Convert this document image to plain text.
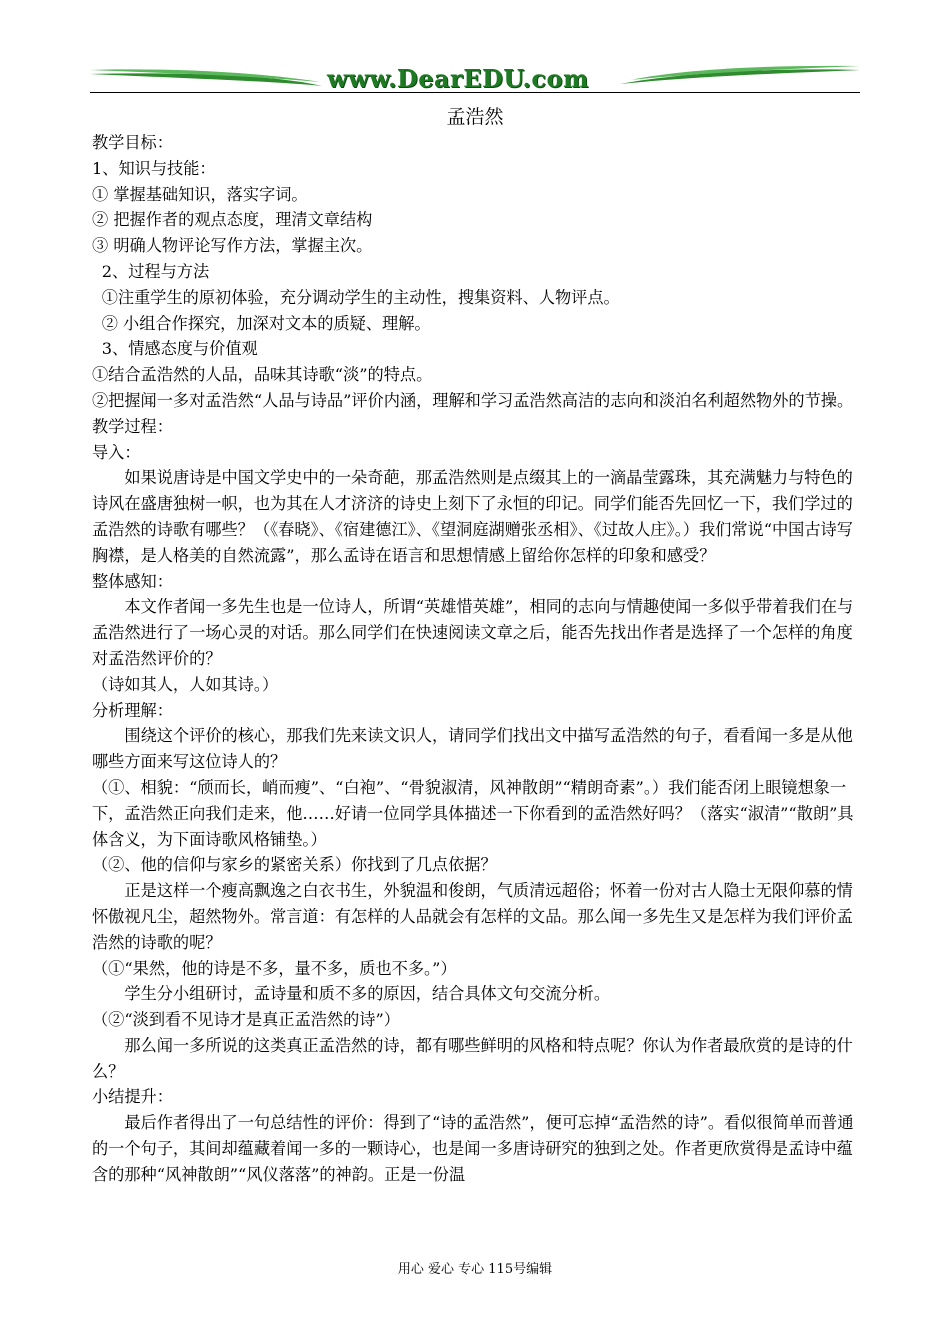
www.DearEDU.com
孟浩然

教学目标：

1、知识与技能：

① 掌握基础知识，落实字词。

② 把握作者的观点态度，理清文章结构

③ 明确人物评论写作方法，掌握主次。

2、过程与方法

①注重学生的原初体验，充分调动学生的主动性，搜集资料、人物评点。

② 小组合作探究，加深对文本的质疑、理解。

3、情感态度与价值观

①结合孟浩然的人品，品味其诗歌“淡”的特点。

②把握闻一多对孟浩然“人品与诗品”评价内涵，理解和学习孟浩然高洁的志向和淡泊名利超然物外的节操。

教学过程：

导入：

如果说唐诗是中国文学史中的一朵奇葩，那孟浩然则是点缀其上的一滴晶莹露珠，其充满魅力与特色的诗风在盛唐独树一帜，也为其在人才济济的诗史上刻下了永恒的印记。同学们能否先回忆一下，我们学过的孟浩然的诗歌有哪些？（《春晓》、《宿建德江》、《望洞庭湖赠张丞相》、《过故人庄》。）我们常说“中国古诗写胸襟，是人格美的自然流露”，那么孟诗在语言和思想情感上留给你怎样的印象和感受？

整体感知：

本文作者闻一多先生也是一位诗人，所谓“英雄惜英雄”，相同的志向与情趣使闻一多似乎带着我们在与孟浩然进行了一场心灵的对话。那么同学们在快速阅读文章之后，能否先找出作者是选择了一个怎样的角度对孟浩然评价的？

（诗如其人，人如其诗。）

分析理解：

围绕这个评价的核心，那我们先来读文识人，请同学们找出文中描写孟浩然的句子，看看闻一多是从他哪些方面来写这位诗人的？

（①、相貌：“颀而长，峭而瘦”、“白袍”、“骨貌淑清，风神散朗”“精朗奇素”。）我们能否闭上眼镜想象一下，孟浩然正向我们走来，他……好请一位同学具体描述一下你看到的孟浩然好吗？（落实“淑清”“散朗”具体含义，为下面诗歌风格铺垫。）

（②、他的信仰与家乡的紧密关系）你找到了几点依据？

正是这样一个瘦高飘逸之白衣书生，外貌温和俊朗，气质清远超俗；怀着一份对古人隐士无限仰慕的情怀傲视凡尘，超然物外。常言道：有怎样的人品就会有怎样的文品。那么闻一多先生又是怎样为我们评价孟浩然的诗歌的呢？

（①“果然，他的诗是不多，量不多，质也不多。”）

学生分小组研讨，孟诗量和质不多的原因，结合具体文句交流分析。

（②“淡到看不见诗才是真正孟浩然的诗”）

那么闻一多所说的这类真正孟浩然的诗，都有哪些鲜明的风格和特点呢？你认为作者最欣赏的是诗的什么？

小结提升：

最后作者得出了一句总结性的评价：得到了“诗的孟浩然”，便可忘掉“孟浩然的诗”。看似很简单而普通的一个句子，其间却蕴藏着闻一多的一颗诗心，也是闻一多唐诗研究的独到之处。作者更欣赏得是孟诗中蕴含的那种“风神散朗”“风仪落落”的神韵。正是一份温

用心 爱心 专心 115号编辑
